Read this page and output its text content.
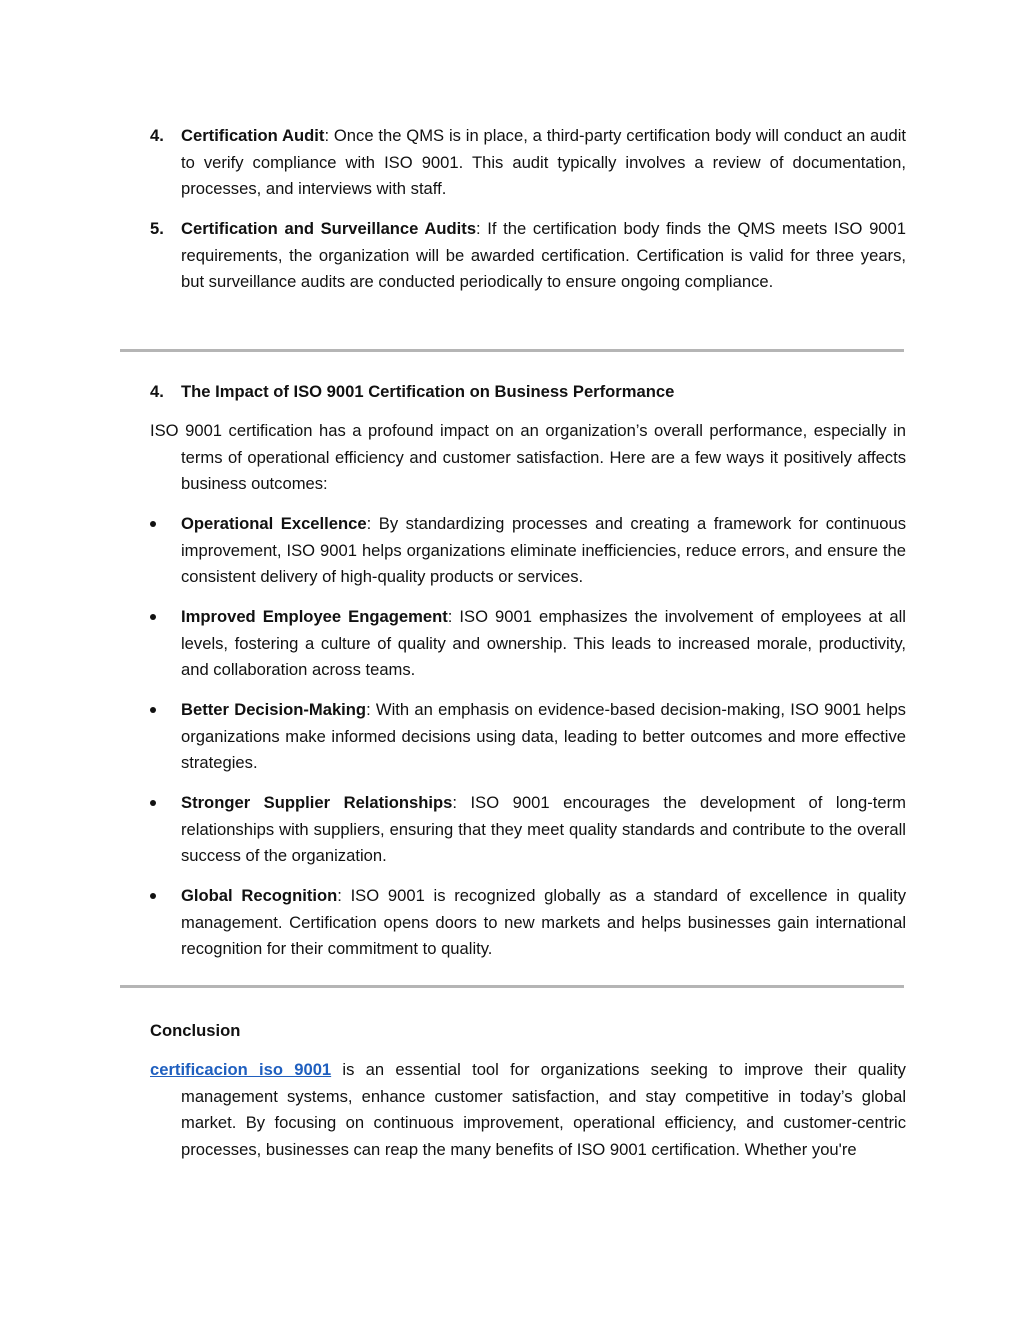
4.	Certification Audit: Once the QMS is in place, a third-party certification body will conduct an audit to verify compliance with ISO 9001. This audit typically involves a review of documentation, processes, and interviews with staff.
5.	Certification and Surveillance Audits: If the certification body finds the QMS meets ISO 9001 requirements, the organization will be awarded certification. Certification is valid for three years, but surveillance audits are conducted periodically to ensure ongoing compliance.
4. The Impact of ISO 9001 Certification on Business Performance
ISO 9001 certification has a profound impact on an organization’s overall performance, especially in terms of operational efficiency and customer satisfaction. Here are a few ways it positively affects business outcomes:
Operational Excellence: By standardizing processes and creating a framework for continuous improvement, ISO 9001 helps organizations eliminate inefficiencies, reduce errors, and ensure the consistent delivery of high-quality products or services.
Improved Employee Engagement: ISO 9001 emphasizes the involvement of employees at all levels, fostering a culture of quality and ownership. This leads to increased morale, productivity, and collaboration across teams.
Better Decision-Making: With an emphasis on evidence-based decision-making, ISO 9001 helps organizations make informed decisions using data, leading to better outcomes and more effective strategies.
Stronger Supplier Relationships: ISO 9001 encourages the development of long-term relationships with suppliers, ensuring that they meet quality standards and contribute to the overall success of the organization.
Global Recognition: ISO 9001 is recognized globally as a standard of excellence in quality management. Certification opens doors to new markets and helps businesses gain international recognition for their commitment to quality.
Conclusion
certificacion iso 9001 is an essential tool for organizations seeking to improve their quality management systems, enhance customer satisfaction, and stay competitive in today’s global market. By focusing on continuous improvement, operational efficiency, and customer-centric processes, businesses can reap the many benefits of ISO 9001 certification. Whether you're
